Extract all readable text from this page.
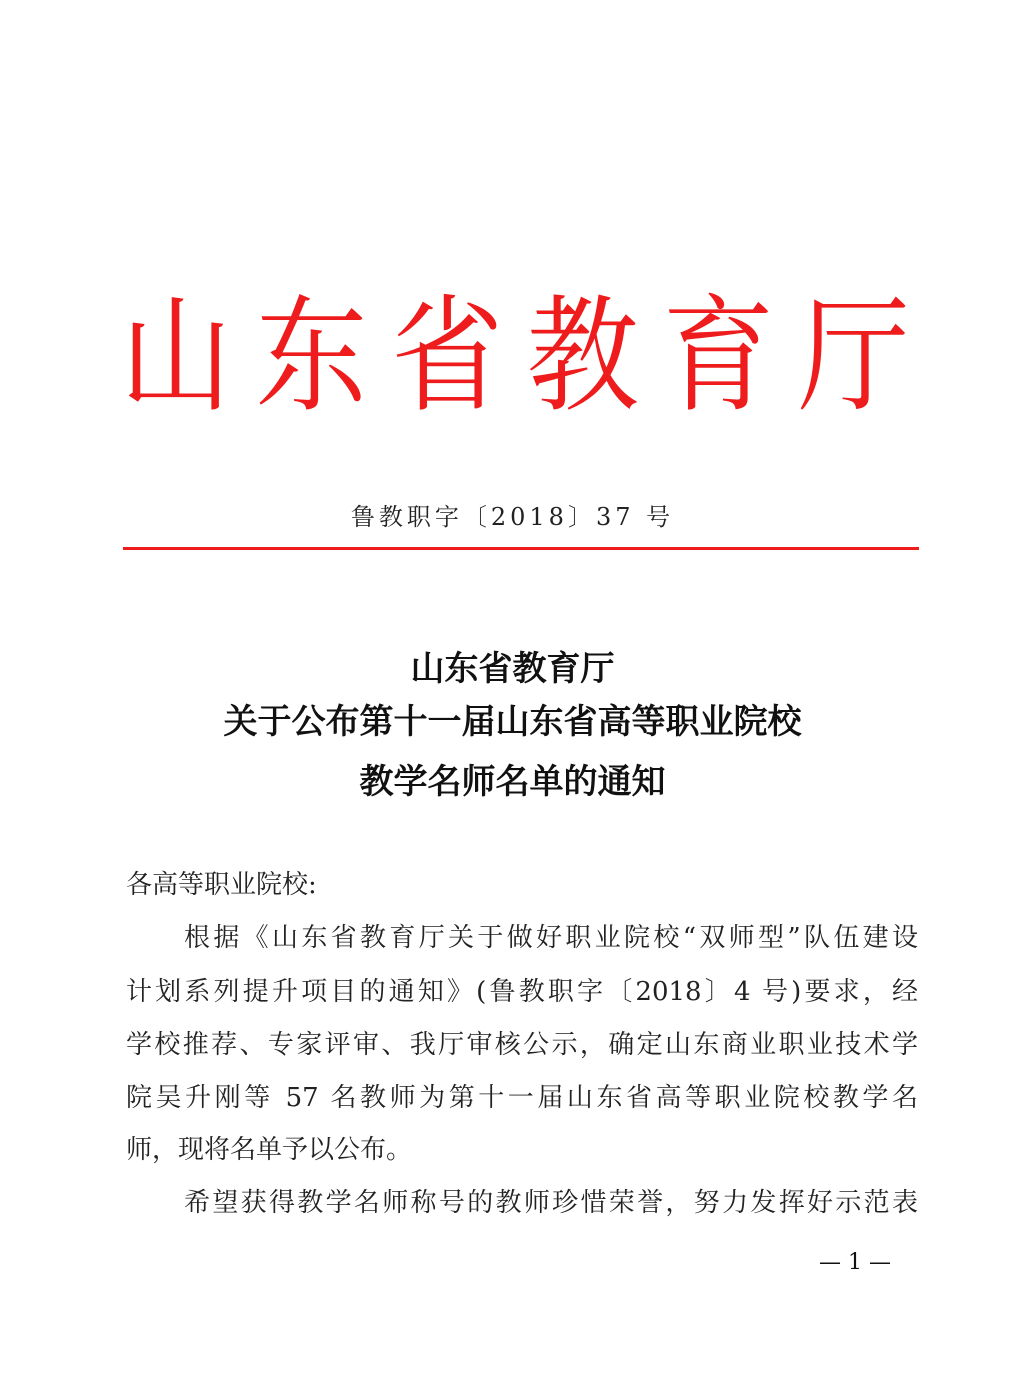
山 东 省 教 育 厅
鲁教职字〔2018〕37 号
山东省教育厅
关于公布第十一届山东省高等职业院校
教学名师名单的通知
各高等职业院校:
根据《山东省教育厅关于做好职业院校“双师型”队伍建设
计划系列提升项目的通知》(鲁教职字〔2018〕4 号)要求，经
学校推荐、专家评审、我厅审核公示，确定山东商业职业技术学
院吴升刚等 57 名教师为第十一届山东省高等职业院校教学名
师，现将名单予以公布。
希望获得教学名师称号的教师珍惜荣誉，努力发挥好示范表
— 1 —
